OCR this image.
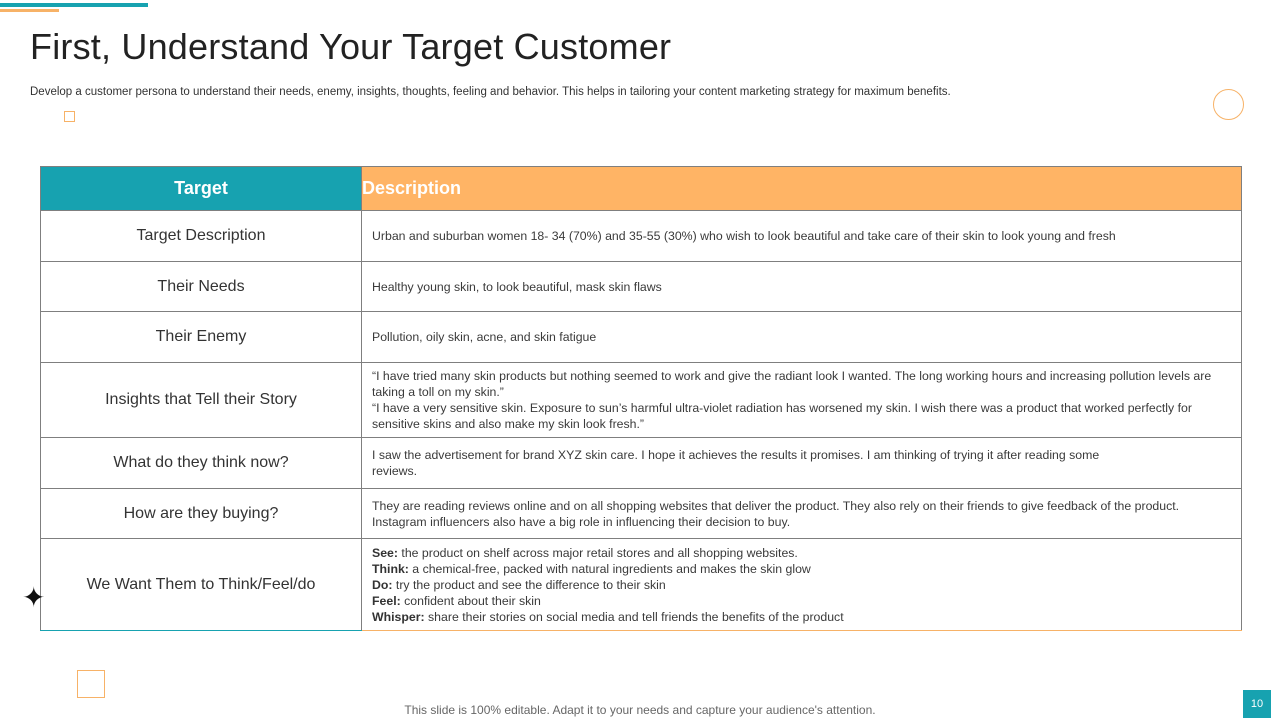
First, Understand Your Target Customer

Develop a customer persona to understand their needs, enemy, insights, thoughts, feeling and behavior. This helps in tailoring your content marketing strategy for maximum benefits.

Target	Description
Target Description	Urban and suburban women 18- 34 (70%) and 35-55 (30%) who wish to look beautiful and take care of their skin to look young and fresh

Their Needs	Healthy young skin, to look beautiful, mask skin flaws

Their Enemy	Pollution, oily skin, acne, and skin fatigue

Insights that Tell their Story	“I have tried many skin products but nothing seemed to work and give the radiant look I wanted. The long working hours and increasing pollution levels are taking a toll on my skin.”

“I have a very sensitive skin. Exposure to sun’s harmful ultra-violet radiation has worsened my skin. I wish there was a product that worked perfectly for sensitive skins and also make my skin look fresh.”

What do they think now?	I saw the advertisement for brand XYZ skin care. I hope it achieves the results it promises. I am thinking of trying it after reading some reviews.

How are they buying?	They are reading reviews online and on all shopping websites that deliver the product. They also rely on their friends to give feedback of the product. Instagram influencers also have a big role in influencing their decision to buy.

We Want Them to Think/Feel/do	See: the product on shelf across major retail stores and all shopping websites.

Think: a chemical-free, packed with natural ingredients and makes the skin glow

Do: try the product and see the difference to their skin

Feel: confident about their skin

Whisper: share their stories on social media and tell friends the benefits of the product

✦
This slide is 100% editable. Adapt it to your needs and capture your audience's attention.	10
